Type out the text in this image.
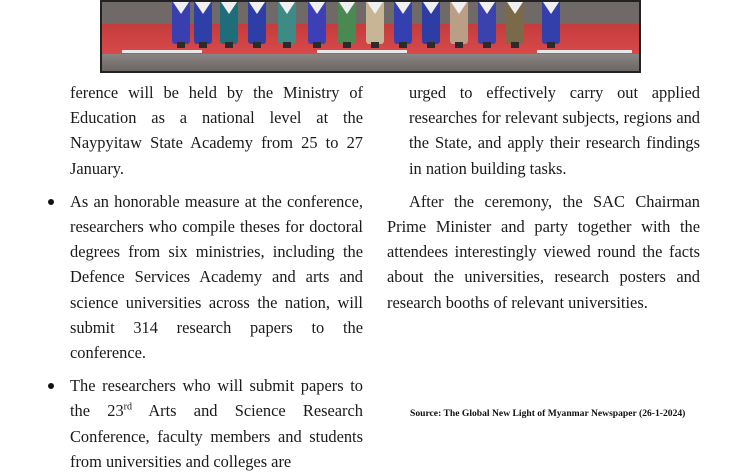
ference will be held by the Ministry of Education as a national level at the Naypyitaw State Academy from 25 to 27 January.

As an honorable measure at the conference, researchers who compile theses for doctoral degrees from six ministries, including the Defence Services Academy and arts and science universities across the nation, will submit 314 research papers to the conference.

The researchers who will submit papers to the 23rd Arts and Science Research Conference, faculty members and students from universities and colleges are

urged to effectively carry out applied researches for relevant subjects, regions and the State, and apply their research findings in nation building tasks.

After the ceremony, the SAC Chairman Prime Minister and party together with the attendees interestingly viewed round the facts about the universities, research posters and research booths of relevant universities.

Source: The Global New Light of Myanmar Newspaper (26-1-2024)
